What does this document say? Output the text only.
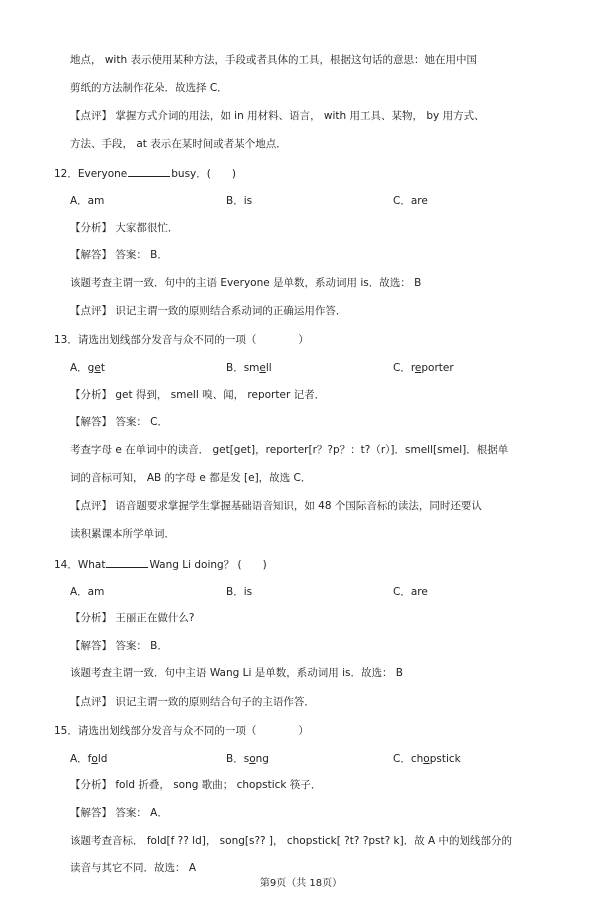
地点， with 表示使用某种方法，手段或者具体的工具，根据这句话的意思：她在用中国
剪纸的方法制作花朵．故选择 C．
【点评】 掌握方式介词的用法，如 in 用材料、语言， with 用工具、某物， by 用方式、
方法、手段， at 表示在某时间或者某个地点．
12．Everyone	busy．(　　)
A．am	B．is	C．are
【分析】 大家都很忙．
【解答】 答案： B．
该题考查主谓一致．句中的主语 Everyone 是单数，系动词用 is．故选： B
【点评】 识记主谓一致的原则结合系动词的正确运用作答．
13．请选出划线部分发音与众不同的一项（　　　　）
A．get	B．smell	C．reporter
【分析】 get 得到， smell 嗅、闻， reporter 记者．
【解答】 答案： C．
考查字母 e 在单词中的读音． get[get]，reporter[r？?p？：t?（r）]．smell[smel]．根据单
词的音标可知， AB 的字母 e 都是发 [e]，故选 C．
【点评】 语音题要求掌握学生掌握基础语音知识，如 48 个国际音标的读法，同时还要认
读积累课本所学单词．
14．What	Wang Li doing？ (　　)
A．am	B．is	C．are
【分析】 王丽正在做什么?
【解答】 答案： B．
该题考查主谓一致．句中主语 Wang Li 是单数，系动词用 is．故选： B
【点评】 识记主谓一致的原则结合句子的主语作答．
15．请选出划线部分发音与众不同的一项（　　　　）
A．fold	B．song	C．chopstick
【分析】 fold 折叠， song 歌曲； chopstick 筷子．
【解答】 答案： A．
该题考查音标． fold[f ?? ld]， song[s?? ]， chopstick[ ?t? ?pst? k]．故 A 中的划线部分的
读音与其它不同．故选： A
第9页（共 18页）
